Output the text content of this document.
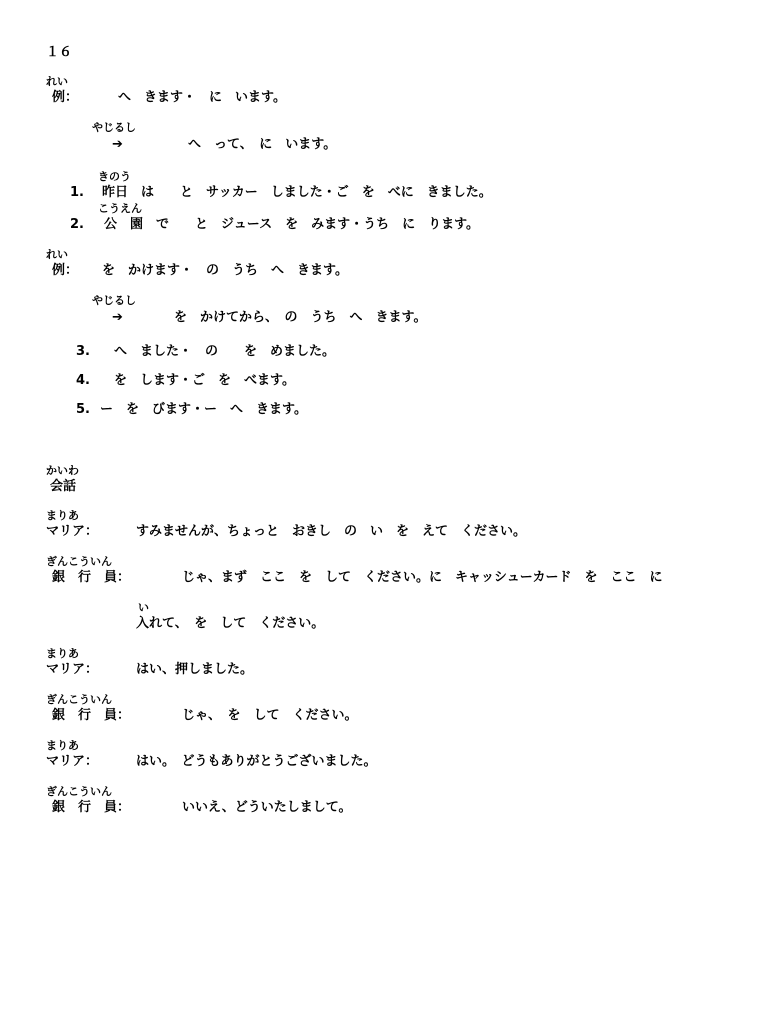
１６
れい
例：	へ　きます・　に　います。
やじるし
➔	へ　って、　に　います。
きのう
1. 昨日　は　　と　サッカー　しました・ご　を　べに　きました。
こうえん
2. 公　園　で　　と　ジュース　を　みます・うち　に　ります。
れい
例： を　かけます・　の　うち　へ　きます。
やじるし
➔	を　かけてから、　の　うち　へ　きます。
3. へ　ました・　の　　を　めました。
4. を　します・ご　を　べます。
5. ー　を　びます・ー　へ　きます。
かいわ
会話
まりあ
マリア：	すみませんが、ちょっと　おきし　の　い　を　えて　ください。
ぎんこういん
銀　行　員：	じゃ、まず　ここ　を　して　ください。に　キャッシューカード　を　ここ　に
い
入れて、　を　して　ください。
まりあ
マリア：	はい、押しました。
ぎんこういん
銀　行　員：	じゃ、　を　して　ください。
まりあ
マリア：	はい。　どうもありがとうございました。
ぎんこういん
銀　行　員：	いいえ、どういたしまして。
